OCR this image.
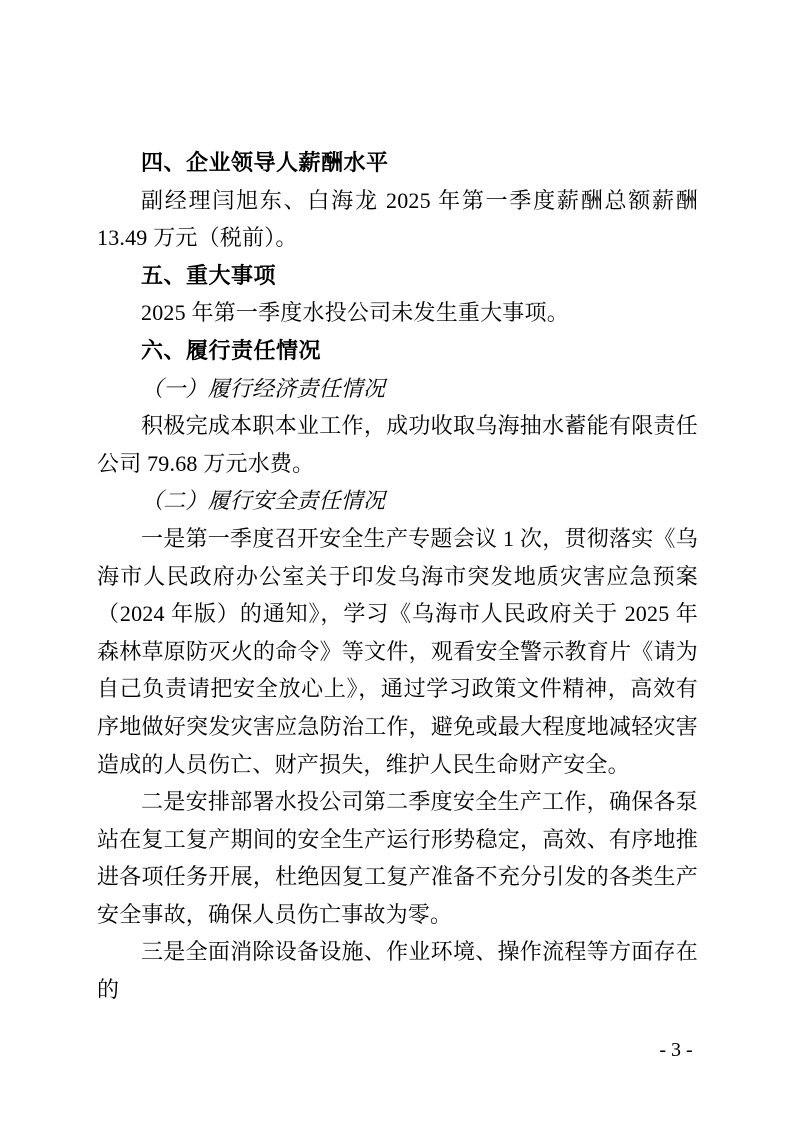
四、企业领导人薪酬水平

副经理闫旭东、白海龙 2025 年第一季度薪酬总额薪酬 13.49 万元（税前）。

五、重大事项

2025 年第一季度水投公司未发生重大事项。

六、履行责任情况

（一）履行经济责任情况

积极完成本职本业工作，成功收取乌海抽水蓄能有限责任公司 79.68 万元水费。

（二）履行安全责任情况

一是第一季度召开安全生产专题会议 1 次，贯彻落实《乌海市人民政府办公室关于印发乌海市突发地质灾害应急预案（2024 年版）的通知》，学习《乌海市人民政府关于 2025 年森林草原防灭火的命令》等文件，观看安全警示教育片《请为自己负责请把安全放心上》，通过学习政策文件精神，高效有序地做好突发灾害应急防治工作，避免或最大程度地减轻灾害造成的人员伤亡、财产损失，维护人民生命财产安全。

二是安排部署水投公司第二季度安全生产工作，确保各泵站在复工复产期间的安全生产运行形势稳定，高效、有序地推进各项任务开展，杜绝因复工复产准备不充分引发的各类生产安全事故，确保人员伤亡事故为零。

三是全面消除设备设施、作业环境、操作流程等方面存在的

- 3 -
